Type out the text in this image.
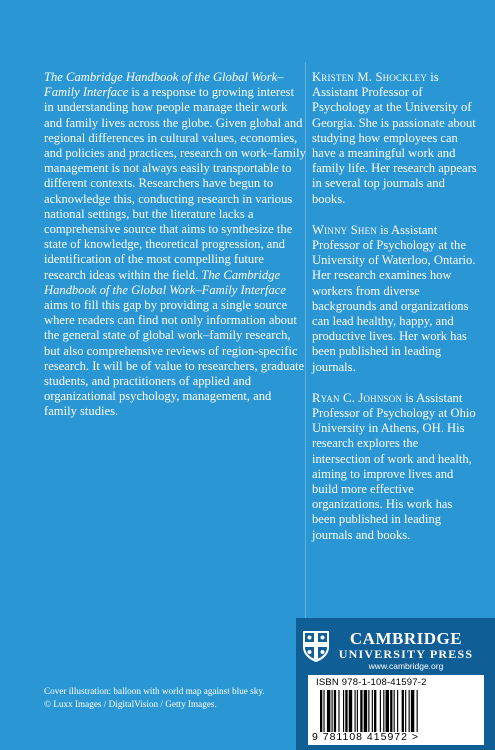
The Cambridge Handbook of the Global Work–Family Interface is a response to growing interest in understanding how people manage their work and family lives across the globe. Given global and regional differences in cultural values, economies, and policies and practices, research on work–family management is not always easily transportable to different contexts. Researchers have begun to acknowledge this, conducting research in various national settings, but the literature lacks a comprehensive source that aims to synthesize the state of knowledge, theoretical progression, and identification of the most compelling future research ideas within the field. The Cambridge Handbook of the Global Work–Family Interface aims to fill this gap by providing a single source where readers can find not only information about the general state of global work–family research, but also comprehensive reviews of region-specific research. It will be of value to researchers, graduate students, and practitioners of applied and organizational psychology, management, and family studies.

Kristen M. Shockley is Assistant Professor of Psychology at the University of Georgia. She is passionate about studying how employees can have a meaningful work and family life. Her research appears in several top journals and books.

Winny Shen is Assistant Professor of Psychology at the University of Waterloo, Ontario. Her research examines how workers from diverse backgrounds and organizations can lead healthy, happy, and productive lives. Her work has been published in leading journals.

Ryan C. Johnson is Assistant Professor of Psychology at Ohio University in Athens, OH. His research explores the intersection of work and health, aiming to improve lives and build more effective organizations. His work has been published in leading journals and books.

CAMBRIDGE
UNIVERSITY PRESS
www.cambridge.org
ISBN 978-1-108-41597-2
9 781108 415972 >
Cover illustration: balloon with world map against blue sky.
© Luxx Images / DigitalVision / Getty Images.
